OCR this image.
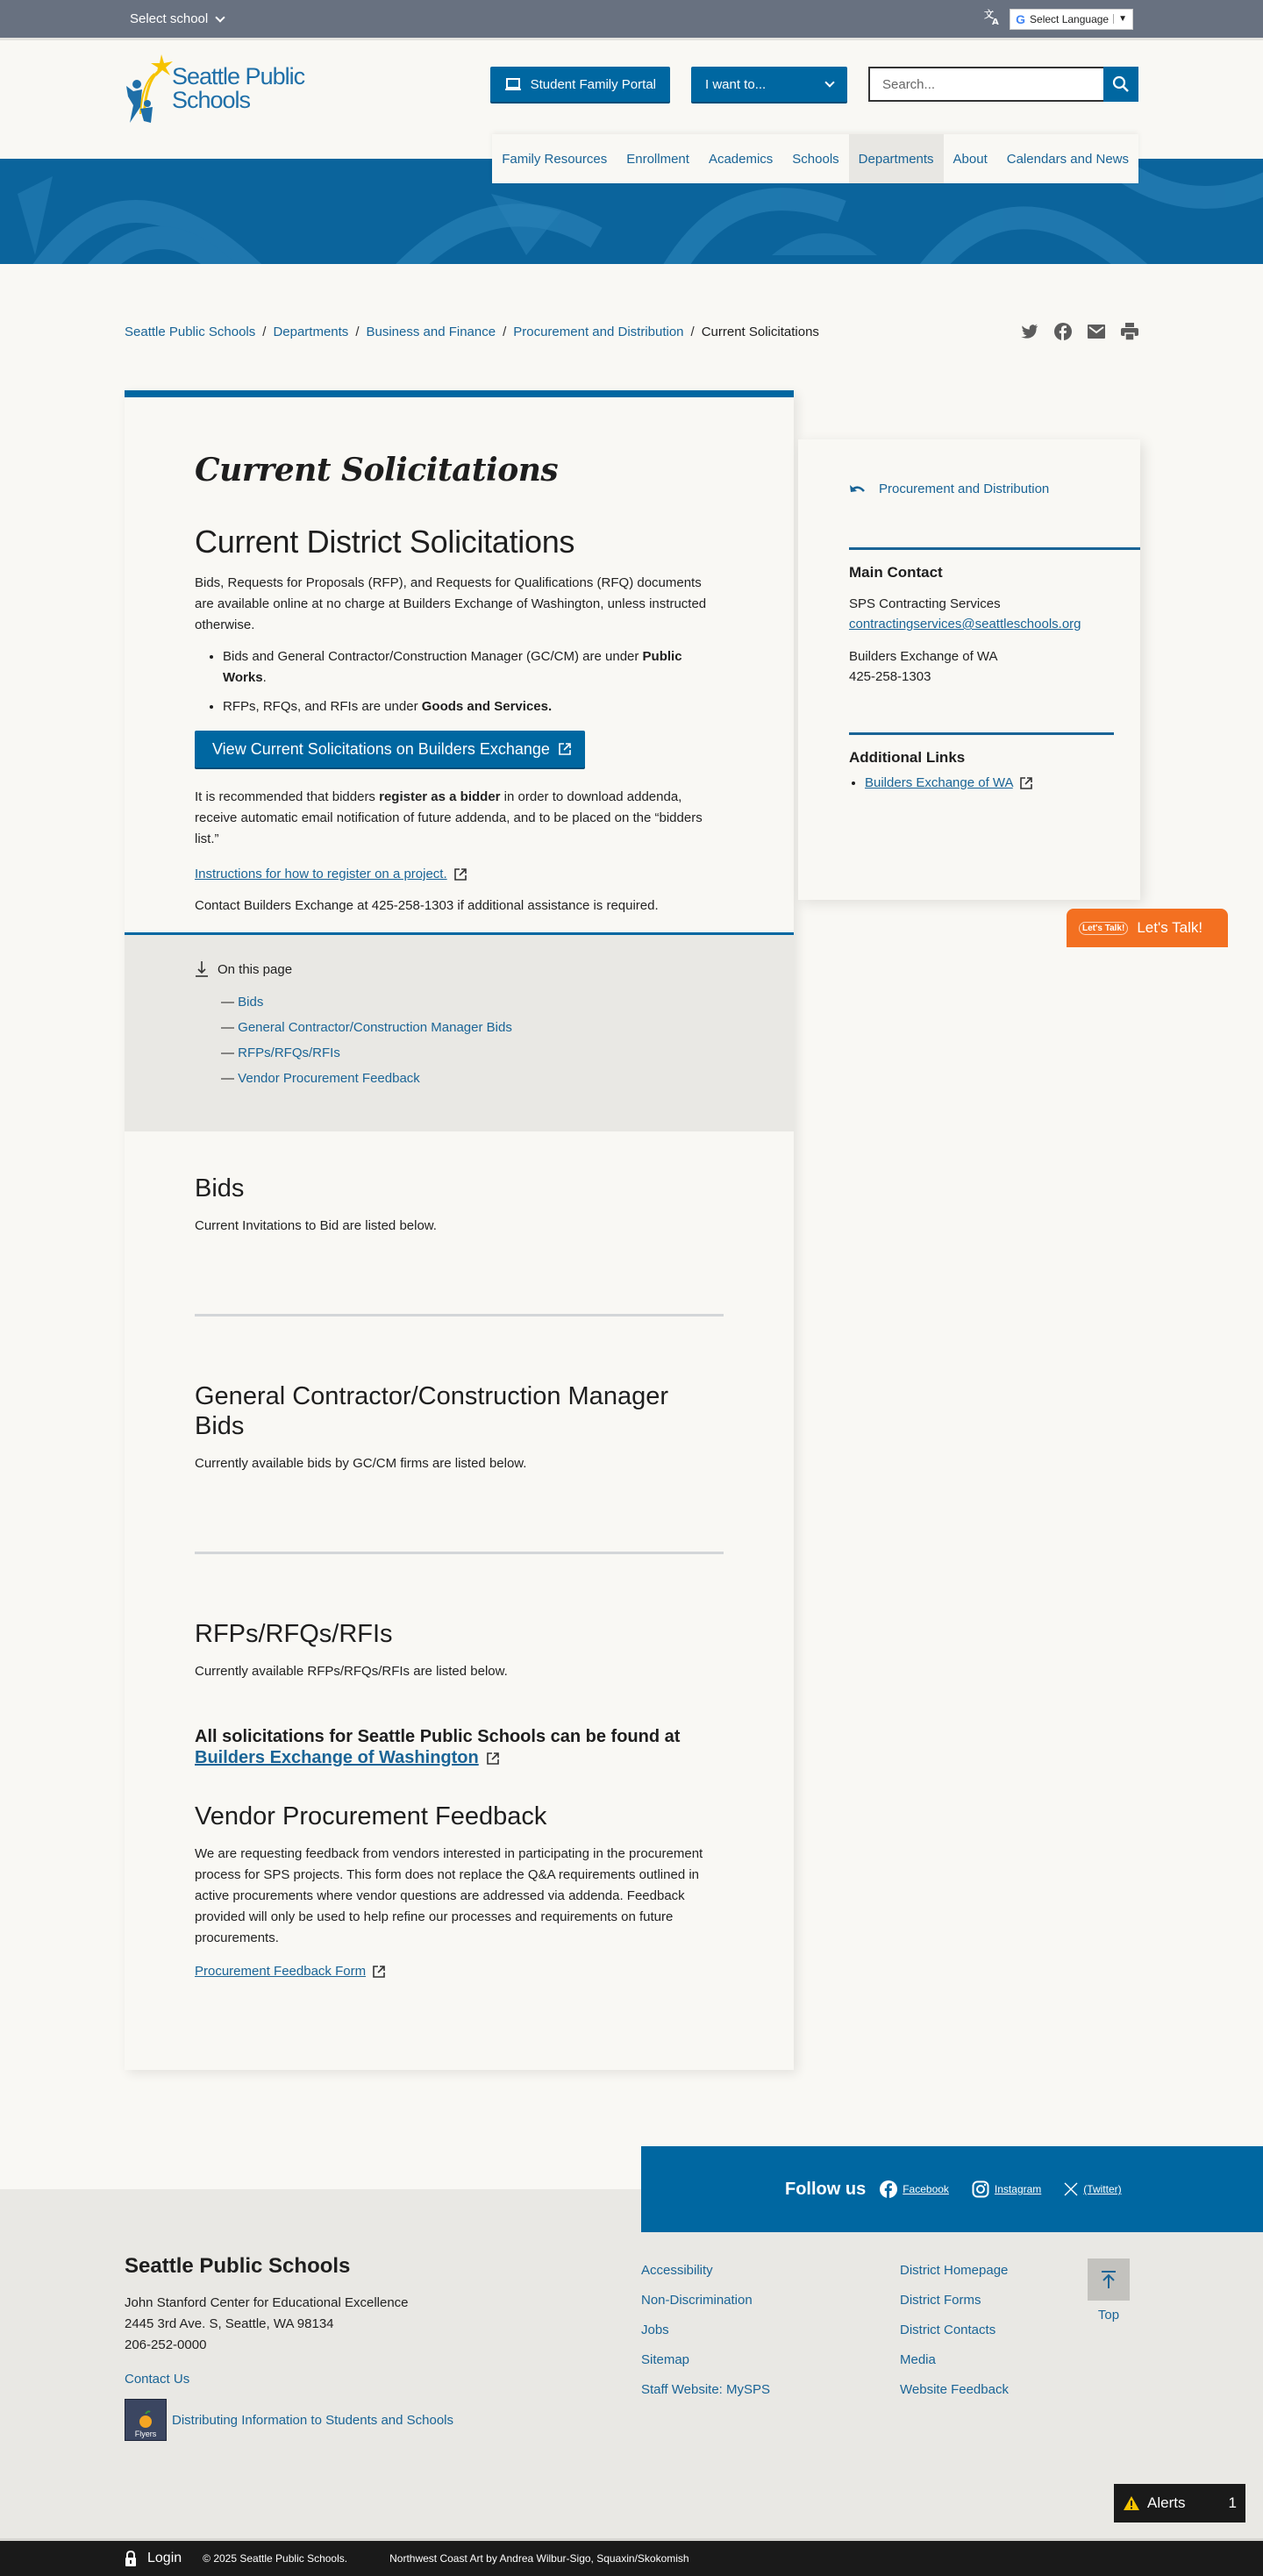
Select school	文
A G Select Language	▼
Seattle Public
Schools
Student Family Portal	I want to...
Search...
Family Resources	Enrollment	Academics	Schools	Departments	About	Calendars and News
Seattle Public Schools / Departments / Business and Finance / Procurement and Distribution / Current Solicitations
Current Solicitations
Current District Solicitations

Bids, Requests for Proposals (RFP), and Requests for Qualifications (RFQ) documents are available online at no charge at Builders Exchange of Washington, unless instructed otherwise.

• Bids and General Contractor/Construction Manager (GC/CM) are under Public Works.
• RFPs, RFQs, and RFIs are under Goods and Services.
View Current Solicitations on Builders Exchange

It is recommended that bidders register as a bidder in order to download addenda, receive automatic email notification of future addenda, and to be placed on the “bidders list.”

Instructions for how to register on a project.

Contact Builders Exchange at 425-258-1303 if additional assistance is required.

On this page
— Bids
— General Contractor/Construction Manager Bids
— RFPs/RFQs/RFIs
— Vendor Procurement Feedback
Bids

Current Invitations to Bid are listed below.

General Contractor/Construction Manager Bids

Currently available bids by GC/CM firms are listed below.

RFPs/RFQs/RFIs

Currently available RFPs/RFQs/RFIs are listed below.

All solicitations for Seattle Public Schools can be found at
Builders Exchange of Washington
Vendor Procurement Feedback

We are requesting feedback from vendors interested in participating in the procurement process for SPS projects. This form does not replace the Q&A requirements outlined in active procurements where vendor questions are addressed via addenda. Feedback provided will only be used to help refine our processes and requirements on future procurements.

Procurement Feedback Form

Procurement and Distribution
Main Contact

SPS Contracting Services
contractingservices@seattleschools.org

Builders Exchange of WA
425-258-1303

Additional Links
• Builders Exchange of WA
Let's Talk! Let's Talk!
Follow us	Facebook	Instagram	(Twitter)
Seattle Public Schools

John Stanford Center for Educational Excellence
2445 3rd Ave. S, Seattle, WA 98134
206-252-0000

Contact Us
Flyers
Distributing Information to Students and Schools
Accessibility
Non-Discrimination
Jobs
Sitemap
Staff Website: MySPS
District Homepage
District Forms
District Contacts
Media
Website Feedback
Top
Alerts	1
Login © 2025 Seattle Public Schools.	Northwest Coast Art by Andrea Wilbur-Sigo, Squaxin/Skokomish
